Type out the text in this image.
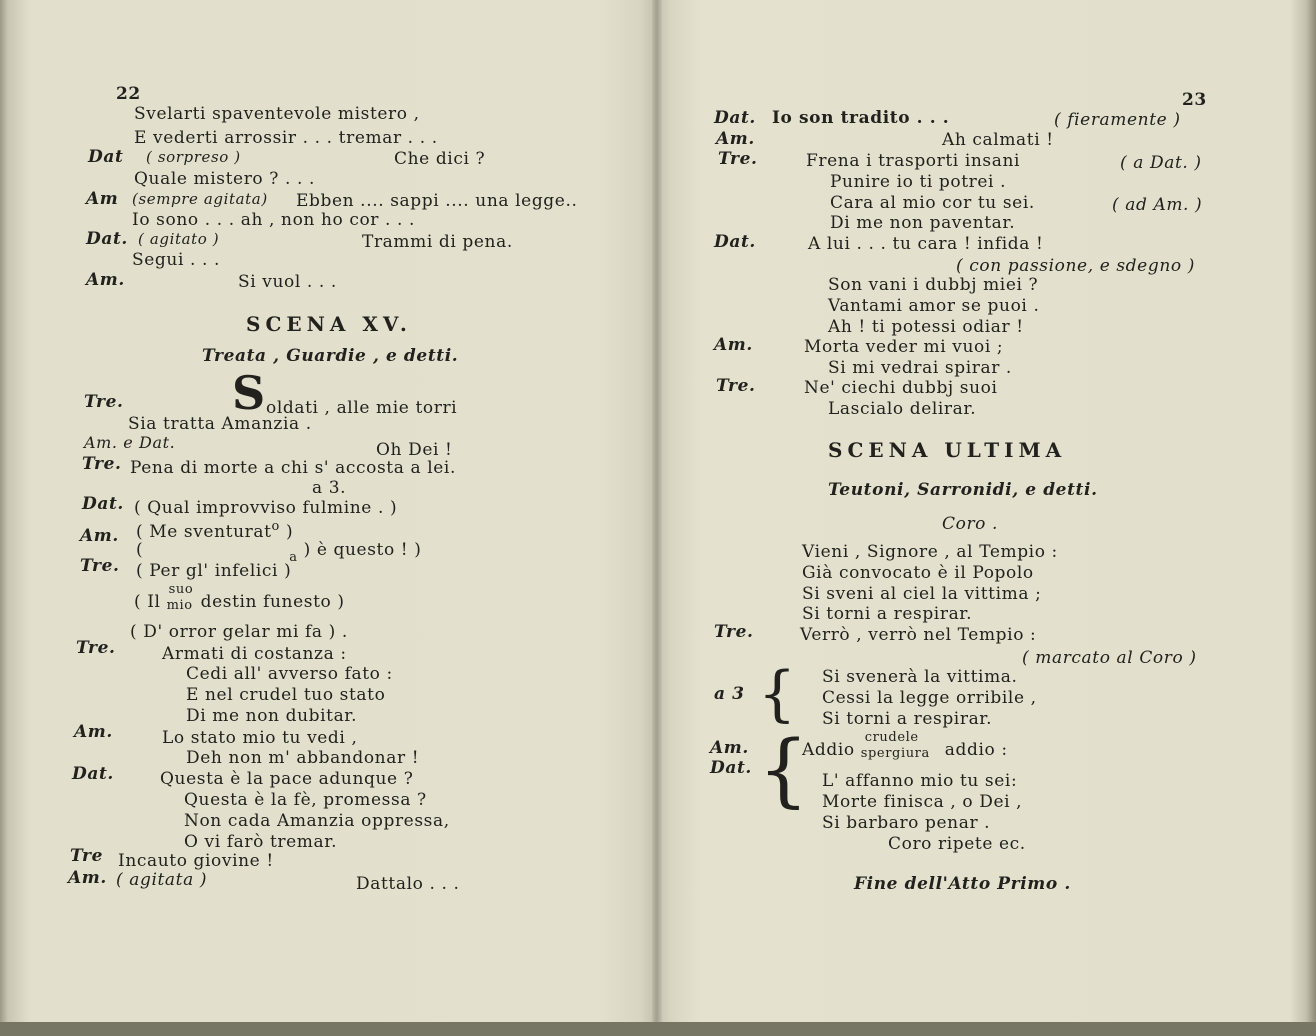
22
Svelarti spaventevole mistero ,
E vederti arrossir . . . tremar . . .
Dat ( sorpreso )	Che dici ?
Quale mistero ? . . .
Am (sempre agitata) Ebben .... sappi .... una legge..
Io sono . . . ah , non ho cor . . .
Dat. ( agitato )	Trammi di pena.
Segui . . .
Am.	Si vuol . . .
SCENA XV.
Treata , Guardie , e detti.
Tre. S oldati , alle mie torri
Sia tratta Amanzia .
Am. e Dat.	Oh Dei !
Tre. Pena di morte a chi s' accosta a lei.
a 3.
Dat. ( Qual improvviso fulmine . )
Am. ( Me sventurat$^o$ )
(	$_a$ ) è questo ! )
Tre. ( Per gl' infelici )
( Il
suo
mio destin funesto )
( D' orror gelar mi fa ) .
Tre.	Armati di costanza :
Cedi all' avverso fato :
E nel crudel tuo stato
Di me non dubitar.
Am.	Lo stato mio tu vedi ,
Deh non m' abbandonar !
Dat.	Questa è la pace adunque ?
Questa è la fè, promessa ?
Non cada Amanzia oppressa,
O vi farò tremar.
Tre Incauto giovine !
Am. ( agitata )	Dattalo . . .
23
Dat. Io son tradito . . .	( fieramente )
Am.	Ah calmati !
Tre.	Frena i trasporti insani	( a Dat. )
Punire io ti potrei .
Cara al mio cor tu sei.	( ad Am. )
Di me non paventar.
Dat.	A lui . . . tu cara ! infida !
( con passione, e sdegno )
Son vani i dubbj miei ?
Vantami amor se puoi .
Ah ! ti potessi odiar !
Am.	Morta veder mi vuoi ;
Si mi vedrai spirar .
Tre.	Ne' ciechi dubbj suoi
Lascialo delirar.
SCENA ULTIMA
Teutoni, Sarronidi, e detti.
Coro .
Vieni , Signore , al Tempio :
Già convocato è il Popolo
Si sveni al ciel la vittima ;
Si torni a respirar.
Tre.	Verrò , verrò nel Tempio :
( marcato al Coro )
a 3 { Si svenerà la vittima.
Cessi la legge orribile ,
Si torni a respirar.
Am.
Dat. {
Addio
crudele
spergiura addio :
L' affanno mio tu sei:
Morte finisca , o Dei ,
Si barbaro penar .
Coro ripete ec.
Fine dell'Atto Primo .
